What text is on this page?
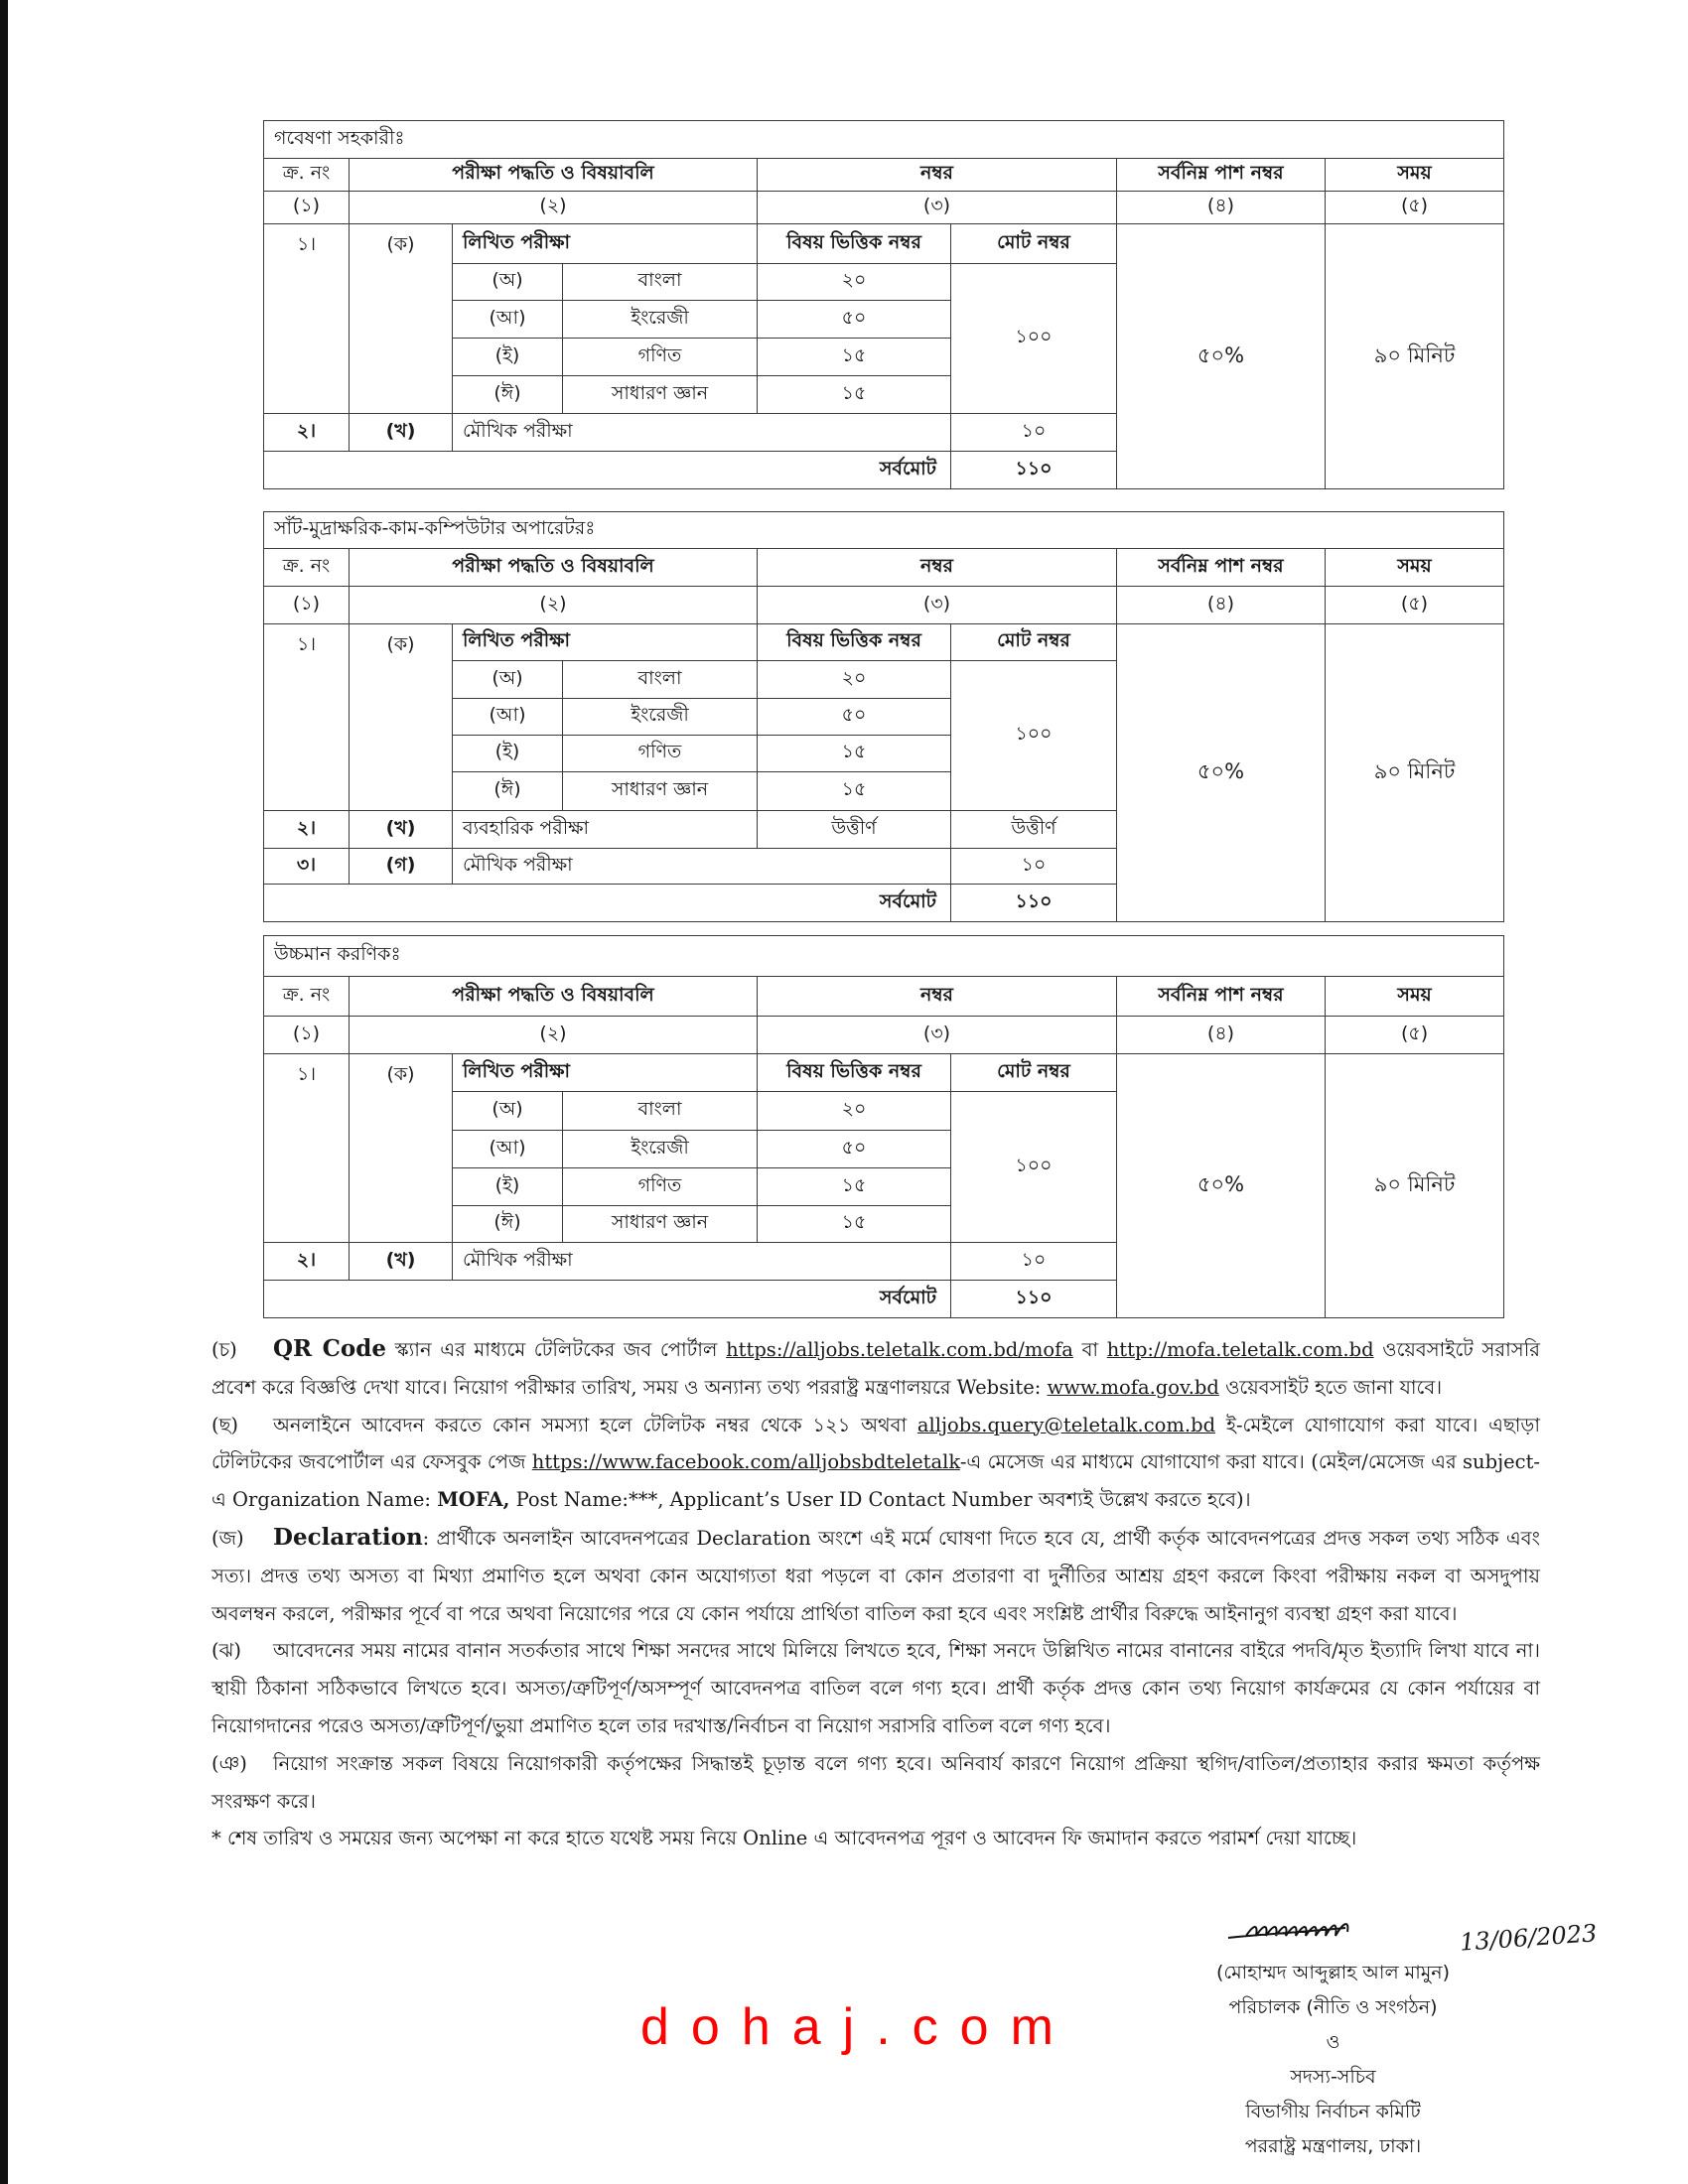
গবেষণা সহকারীঃ							
ক্র. নং	পরীক্ষা পদ্ধতি ও বিষয়াবলি			নম্বর		সর্বনিম্ন পাশ নম্বর	সময়
(১)	(২)			(৩)		(৪)	(৫)
১।	(ক)	লিখিত পরীক্ষা		বিষয় ভিত্তিক নম্বর	মোট নম্বর	৫০%	৯০ মিনিট
		(অ)	বাংলা	২০	১০০		
		(আ)	ইংরেজী	৫০			
		(ই)	গণিত	১৫			
		(ঈ)	সাধারণ জ্ঞান	১৫			
২।	(খ)	মৌখিক পরীক্ষা			১০		
সর্বমোট					১১০		
সাঁট-মুদ্রাক্ষরিক-কাম-কম্পিউটার অপারেটরঃ							
ক্র. নং	পরীক্ষা পদ্ধতি ও বিষয়াবলি			নম্বর		সর্বনিম্ন পাশ নম্বর	সময়
(১)	(২)			(৩)		(৪)	(৫)
১।	(ক)	লিখিত পরীক্ষা		বিষয় ভিত্তিক নম্বর	মোট নম্বর	৫০%	৯০ মিনিট
		(অ)	বাংলা	২০	১০০		
		(আ)	ইংরেজী	৫০			
		(ই)	গণিত	১৫			
		(ঈ)	সাধারণ জ্ঞান	১৫			
২।	(খ)	ব্যবহারিক পরীক্ষা		উত্তীর্ণ	উত্তীর্ণ		
৩।	(গ)	মৌখিক পরীক্ষা			১০		
সর্বমোট					১১০		
উচ্চমান করণিকঃ							
ক্র. নং	পরীক্ষা পদ্ধতি ও বিষয়াবলি			নম্বর		সর্বনিম্ন পাশ নম্বর	সময়
(১)	(২)			(৩)		(৪)	(৫)
১।	(ক)	লিখিত পরীক্ষা		বিষয় ভিত্তিক নম্বর	মোট নম্বর	৫০%	৯০ মিনিট
		(অ)	বাংলা	২০	১০০		
		(আ)	ইংরেজী	৫০			
		(ই)	গণিত	১৫			
		(ঈ)	সাধারণ জ্ঞান	১৫			
২।	(খ)	মৌখিক পরীক্ষা			১০		
সর্বমোট					১১০		

(চ) QR Code স্ক্যান এর মাধ্যমে টেলিটকের জব পোর্টাল https://alljobs.teletalk.com.bd/mofa বা http://mofa.teletalk.com.bd ওয়েবসাইটে সরাসরি প্রবেশ করে বিজ্ঞপ্তি দেখা যাবে। নিয়োগ পরীক্ষার তারিখ, সময় ও অন্যান্য তথ্য পররাষ্ট্র মন্ত্রণালয়রে Website: www.mofa.gov.bd ওয়েবসাইট হতে জানা যাবে।

(ছ) অনলাইনে আবেদন করতে কোন সমস্যা হলে টেলিটক নম্বর থেকে ১২১ অথবা alljobs.query@teletalk.com.bd ই-মেইলে যোগাযোগ করা যাবে। এছাড়া টেলিটকের জবপোর্টাল এর ফেসবুক পেজ https://www.facebook.com/alljobsbdteletalk-এ মেসেজ এর মাধ্যমে যোগাযোগ করা যাবে। (মেইল/মেসেজ এর subject-এ Organization Name: MOFA, Post Name:***, Applicant’s User ID Contact Number অবশ্যই উল্লেখ করতে হবে)।

(জ) Declaration: প্রার্থীকে অনলাইন আবেদনপত্রের Declaration অংশে এই মর্মে ঘোষণা দিতে হবে যে, প্রার্থী কর্তৃক আবেদনপত্রের প্রদত্ত সকল তথ্য সঠিক এবং সত্য। প্রদত্ত তথ্য অসত্য বা মিথ্যা প্রমাণিত হলে অথবা কোন অযোগ্যতা ধরা পড়লে বা কোন প্রতারণা বা দুর্নীতির আশ্রয় গ্রহণ করলে কিংবা পরীক্ষায় নকল বা অসদুপায় অবলম্বন করলে, পরীক্ষার পূর্বে বা পরে অথবা নিয়োগের পরে যে কোন পর্যায়ে প্রার্থিতা বাতিল করা হবে এবং সংশ্লিষ্ট প্রার্থীর বিরুদ্ধে আইনানুগ ব্যবস্থা গ্রহণ করা যাবে।

(ঝ) আবেদনের সময় নামের বানান সতর্কতার সাথে শিক্ষা সনদের সাথে মিলিয়ে লিখতে হবে, শিক্ষা সনদে উল্লিখিত নামের বানানের বাইরে পদবি/মৃত ইত্যাদি লিখা যাবে না। স্থায়ী ঠিকানা সঠিকভাবে লিখতে হবে। অসত্য/ত্রুটিপূর্ণ/অসম্পূর্ণ আবেদনপত্র বাতিল বলে গণ্য হবে। প্রার্থী কর্তৃক প্রদত্ত কোন তথ্য নিয়োগ কার্যক্রমের যে কোন পর্যায়ের বা নিয়োগদানের পরেও অসত্য/ত্রুটিপূর্ণ/ভুয়া প্রমাণিত হলে তার দরখাস্ত/নির্বাচন বা নিয়োগ সরাসরি বাতিল বলে গণ্য হবে।

(ঞ) নিয়োগ সংক্রান্ত সকল বিষয়ে নিয়োগকারী কর্তৃপক্ষের সিদ্ধান্তই চূড়ান্ত বলে গণ্য হবে। অনিবার্য কারণে নিয়োগ প্রক্রিয়া স্থগিদ/বাতিল/প্রত্যাহার করার ক্ষমতা কর্তৃপক্ষ সংরক্ষণ করে।

* শেষ তারিখ ও সময়ের জন্য অপেক্ষা না করে হাতে যথেষ্ট সময় নিয়ে Online এ আবেদনপত্র পূরণ ও আবেদন ফি জমাদান করতে পরামর্শ দেয়া যাচ্ছে।

13/06/2023
(মোহাম্মদ আব্দুল্লাহ আল মামুন)
পরিচালক (নীতি ও সংগঠন)
ও
সদস্য-সচিব
বিভাগীয় নির্বাচন কমিটি
পররাষ্ট্র মন্ত্রণালয়, ঢাকা।
dohaj.com
